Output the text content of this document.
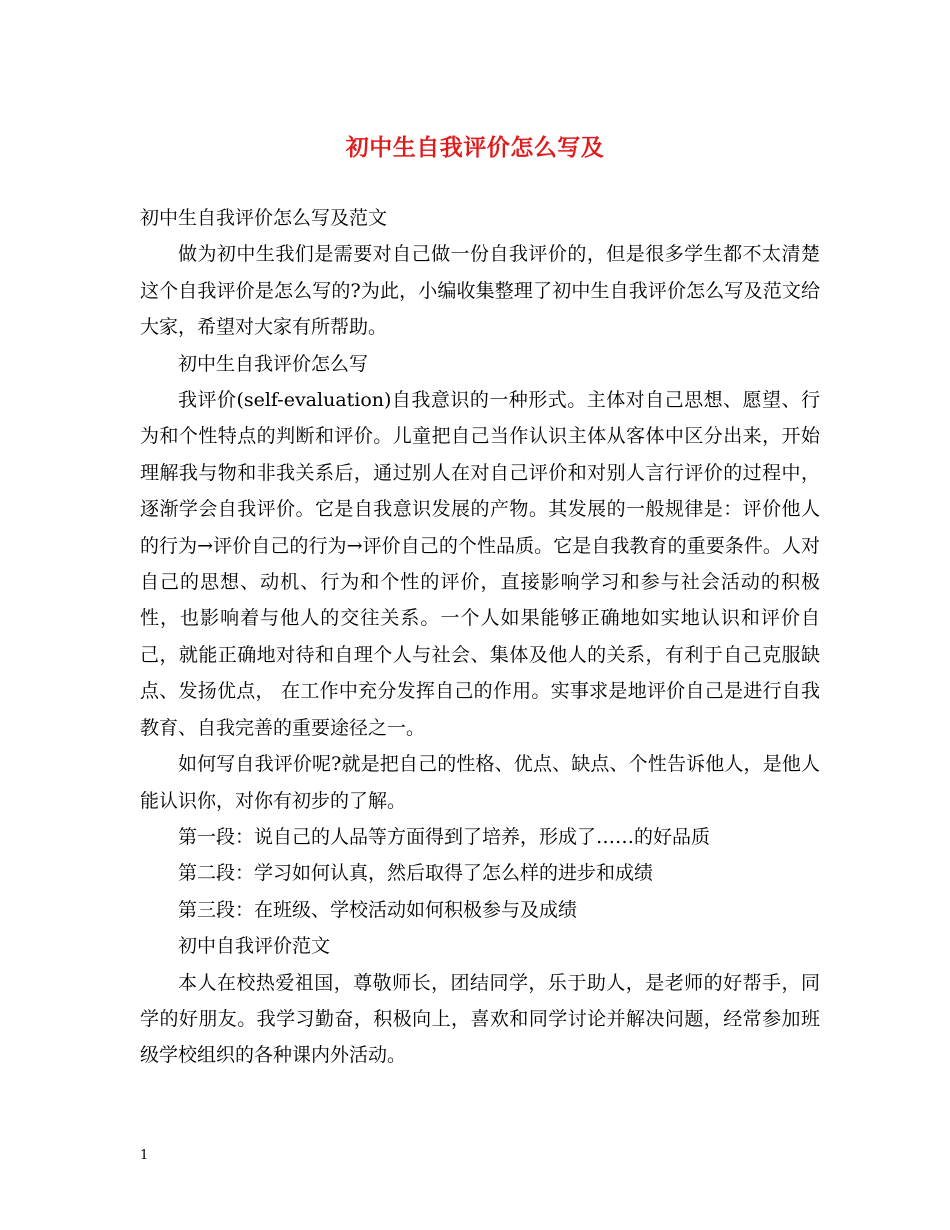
初中生自我评价怎么写及

初中生自我评价怎么写及范文

做为初中生我们是需要对自己做一份自我评价的，但是很多学生都不太清楚这个自我评价是怎么写的?为此，小编收集整理了初中生自我评价怎么写及范文给大家，希望对大家有所帮助。

初中生自我评价怎么写

我评价(self-evaluation)自我意识的一种形式。主体对自己思想、愿望、行为和个性特点的判断和评价。儿童把自己当作认识主体从客体中区分出来，开始理解我与物和非我关系后，通过别人在对自己评价和对别人言行评价的过程中，逐渐学会自我评价。它是自我意识发展的产物。其发展的一般规律是：评价他人的行为→评价自己的行为→评价自己的个性品质。它是自我教育的重要条件。人对自己的思想、动机、行为和个性的评价，直接影响学习和参与社会活动的积极性，也影响着与他人的交往关系。一个人如果能够正确地如实地认识和评价自己，就能正确地对待和自理个人与社会、集体及他人的关系，有利于自己克服缺点、发扬优点， 在工作中充分发挥自己的作用。实事求是地评价自己是进行自我教育、自我完善的重要途径之一。

如何写自我评价呢?就是把自己的性格、优点、缺点、个性告诉他人，是他人能认识你，对你有初步的了解。

第一段：说自己的人品等方面得到了培养，形成了……的好品质

第二段：学习如何认真，然后取得了怎么样的进步和成绩

第三段：在班级、学校活动如何积极参与及成绩

初中自我评价范文

本人在校热爱祖国，尊敬师长，团结同学，乐于助人，是老师的好帮手，同学的好朋友。我学习勤奋，积极向上，喜欢和同学讨论并解决问题，经常参加班级学校组织的各种课内外活动。

1
